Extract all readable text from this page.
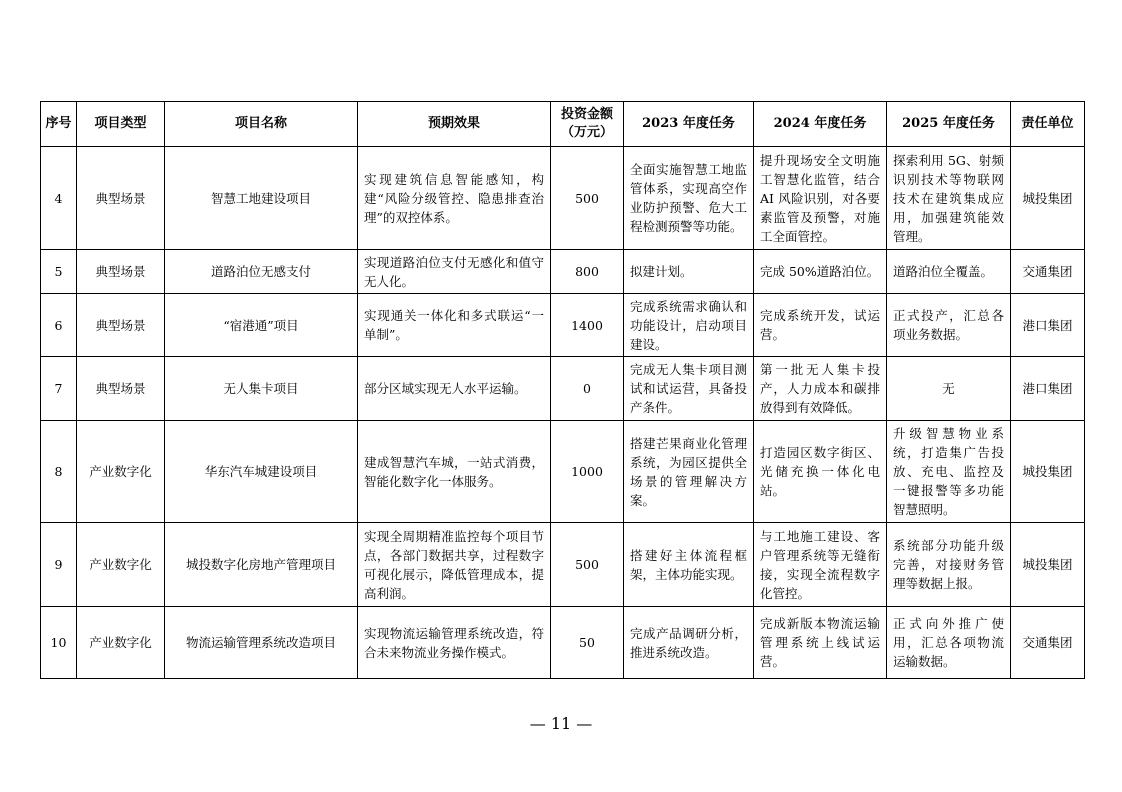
序号	项目类型	项目名称	预期效果	投资金额（万元）	2023 年度任务	2024 年度任务	2025 年度任务	责任单位
4	典型场景	智慧工地建设项目	实现建筑信息智能感知，构建“风险分级管控、隐患排查治理”的双控体系。	500	全面实施智慧工地监管体系，实现高空作业防护预警、危大工程检测预警等功能。	提升现场安全文明施工智慧化监管，结合 AI 风险识别，对各要素监管及预警，对施工全面管控。	探索利用 5G、射频识别技术等物联网技术在建筑集成应用，加强建筑能效管理。	城投集团
5	典型场景	道路泊位无感支付	实现道路泊位支付无感化和值守无人化。	800	拟建计划。	完成 50%道路泊位。	道路泊位全覆盖。	交通集团
6	典型场景	“宿港通”项目	实现通关一体化和多式联运“一单制”。	1400	完成系统需求确认和功能设计，启动项目建设。	完成系统开发，试运营。	正式投产，汇总各项业务数据。	港口集团
7	典型场景	无人集卡项目	部分区域实现无人水平运输。	0	完成无人集卡项目测试和试运营，具备投产条件。	第一批无人集卡投产，人力成本和碳排放得到有效降低。	无	港口集团
8	产业数字化	华东汽车城建设项目	建成智慧汽车城，一站式消费，智能化数字化一体服务。	1000	搭建芒果商业化管理系统，为园区提供全场景的管理解决方案。	打造园区数字街区、光储充换一体化电站。	升级智慧物业系统，打造集广告投放、充电、监控及一键报警等多功能智慧照明。	城投集团
9	产业数字化	城投数字化房地产管理项目	实现全周期精准监控每个项目节点，各部门数据共享，过程数字可视化展示，降低管理成本，提高利润。	500	搭建好主体流程框架，主体功能实现。	与工地施工建设、客户管理系统等无缝衔接，实现全流程数字化管控。	系统部分功能升级完善，对接财务管理等数据上报。	城投集团
10	产业数字化	物流运输管理系统改造项目	实现物流运输管理系统改造，符合未来物流业务操作模式。	50	完成产品调研分析，推进系统改造。	完成新版本物流运输管理系统上线试运营。	正式向外推广使用，汇总各项物流运输数据。	交通集团
— 11 —
